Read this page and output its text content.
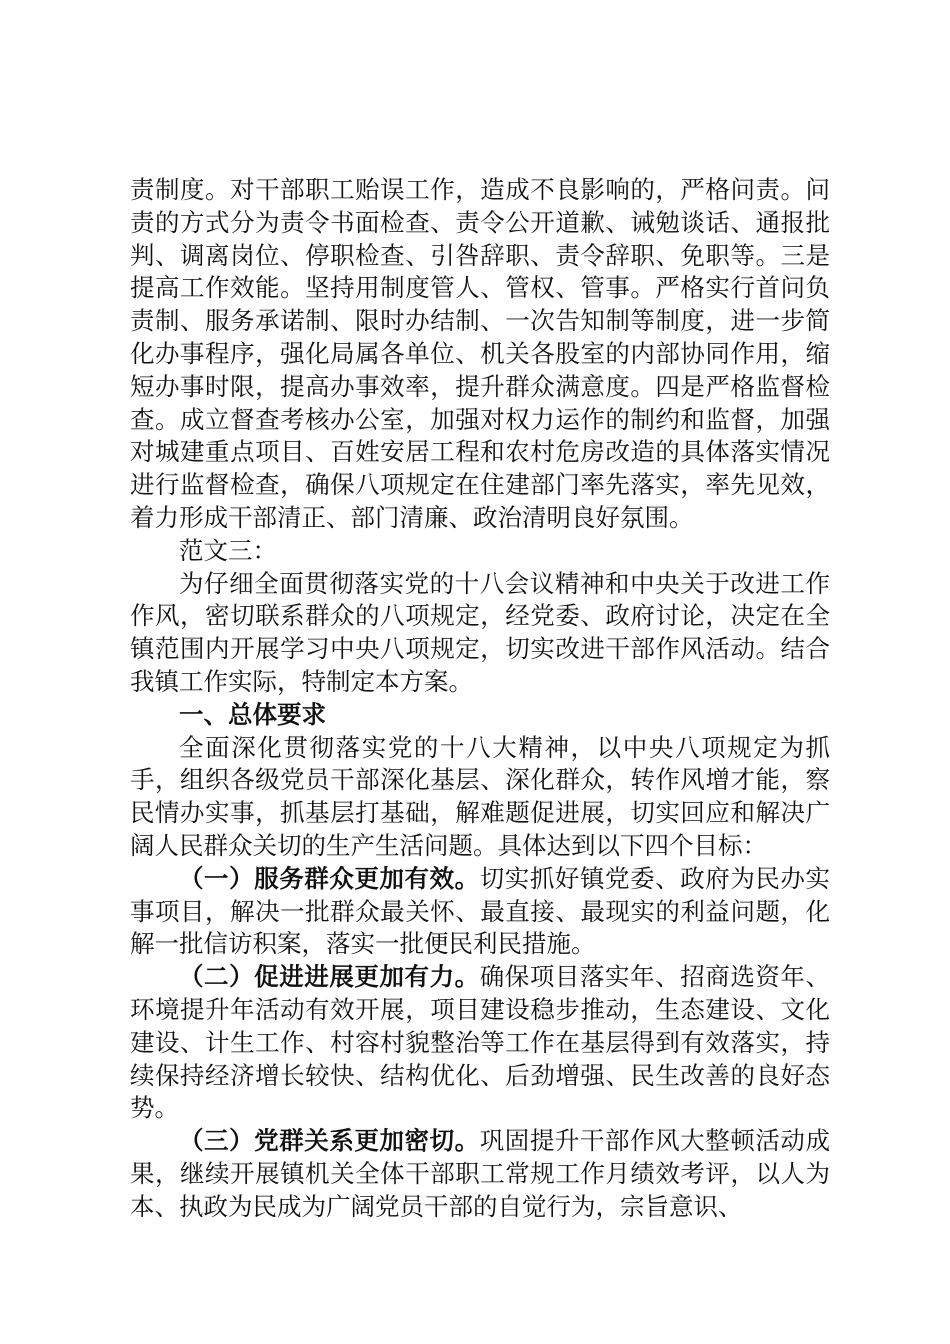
责制度。对干部职工贻误工作，造成不良影响的，严格问责。问责的方式分为责令书面检查、责令公开道歉、诫勉谈话、通报批判、调离岗位、停职检查、引咎辞职、责令辞职、免职等。三是提高工作效能。坚持用制度管人、管权、管事。严格实行首问负责制、服务承诺制、限时办结制、一次告知制等制度，进一步简化办事程序，强化局属各单位、机关各股室的内部协同作用，缩短办事时限，提高办事效率，提升群众满意度。四是严格监督检查。成立督查考核办公室，加强对权力运作的制约和监督，加强对城建重点项目、百姓安居工程和农村危房改造的具体落实情况进行监督检查，确保八项规定在住建部门率先落实，率先见效，着力形成干部清正、部门清廉、政治清明良好氛围。

范文三：

为仔细全面贯彻落实党的十八会议精神和中央关于改进工作作风，密切联系群众的八项规定，经党委、政府讨论，决定在全镇范围内开展学习中央八项规定，切实改进干部作风活动。结合我镇工作实际，特制定本方案。

一、总体要求

全面深化贯彻落实党的十八大精神，以中央八项规定为抓手，组织各级党员干部深化基层、深化群众，转作风增才能，察民情办实事，抓基层打基础，解难题促进展，切实回应和解决广阔人民群众关切的生产生活问题。具体达到以下四个目标：

（一）服务群众更加有效。切实抓好镇党委、政府为民办实事项目，解决一批群众最关怀、最直接、最现实的利益问题，化解一批信访积案，落实一批便民利民措施。

（二）促进进展更加有力。确保项目落实年、招商选资年、环境提升年活动有效开展，项目建设稳步推动，生态建设、文化建设、计生工作、村容村貌整治等工作在基层得到有效落实，持续保持经济增长较快、结构优化、后劲增强、民生改善的良好态势。

（三）党群关系更加密切。巩固提升干部作风大整顿活动成果，继续开展镇机关全体干部职工常规工作月绩效考评，以人为本、执政为民成为广阔党员干部的自觉行为，宗旨意识、
